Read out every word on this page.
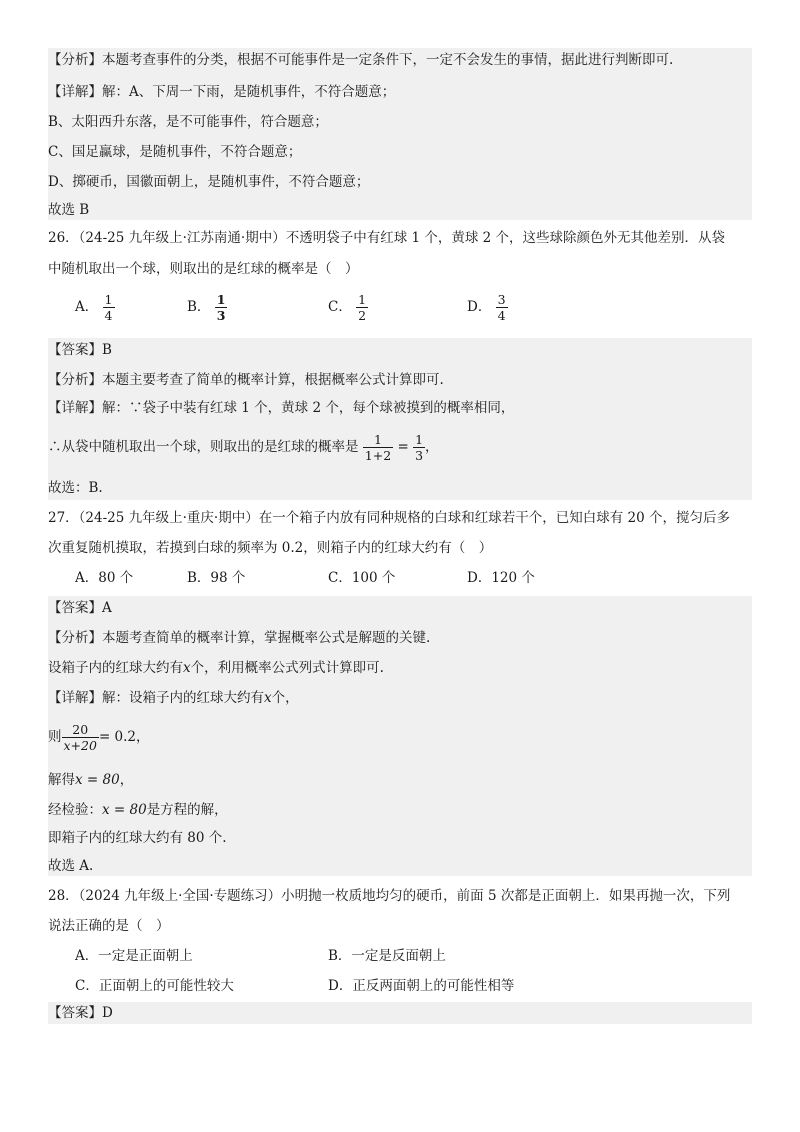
【分析】本题考查事件的分类，根据不可能事件是一定条件下，一定不会发生的事情，据此进行判断即可.
【详解】解：A、下周一下雨，是随机事件，不符合题意；
B、太阳西升东落，是不可能事件，符合题意；
C、国足赢球，是随机事件，不符合题意；
D、掷硬币，国徽面朝上，是随机事件，不符合题意；
故选 B
26．（24-25 九年级上·江苏南通·期中）不透明袋子中有红球 1 个，黄球 2 个，这些球除颜色外无其他差别．从袋
中随机取出一个球，则取出的是红球的概率是（　）
A． $\frac{1}{4}$	B． $\frac{1}{3}$	C． $\frac{1}{2}$	D． $\frac{3}{4}$
【答案】B
【分析】本题主要考查了简单的概率计算，根据概率公式计算即可.
【详解】解：∵袋子中装有红球 1 个，黄球 2 个，每个球被摸到的概率相同，
∴从袋中随机取出一个球，则取出的是红球的概率是 $\frac{1}{1+2} = \frac{1}{3}$ ，
故选：B.
27．（24-25 九年级上·重庆·期中）在一个箱子内放有同种规格的白球和红球若干个，已知白球有 20 个，搅匀后多
次重复随机摸取，若摸到白球的频率为 0.2，则箱子内的红球大约有（　）
A．80 个	B．98 个	C．100 个	D．120 个
【答案】A
【分析】本题考查简单的概率计算，掌握概率公式是解题的关键.
设箱子内的红球大约有x个，利用概率公式列式计算即可.
【详解】解：设箱子内的红球大约有x个，
则 $\frac{20}{x+20} = 0.2$，
解得x = 80，
经检验：x = 80是方程的解，
即箱子内的红球大约有 80 个.
故选 A.
28．（2024 九年级上·全国·专题练习）小明抛一枚质地均匀的硬币，前面 5 次都是正面朝上．如果再抛一次，下列
说法正确的是（　）
A．一定是正面朝上	B．一定是反面朝上
C．正面朝上的可能性较大	D．正反两面朝上的可能性相等
【答案】D
